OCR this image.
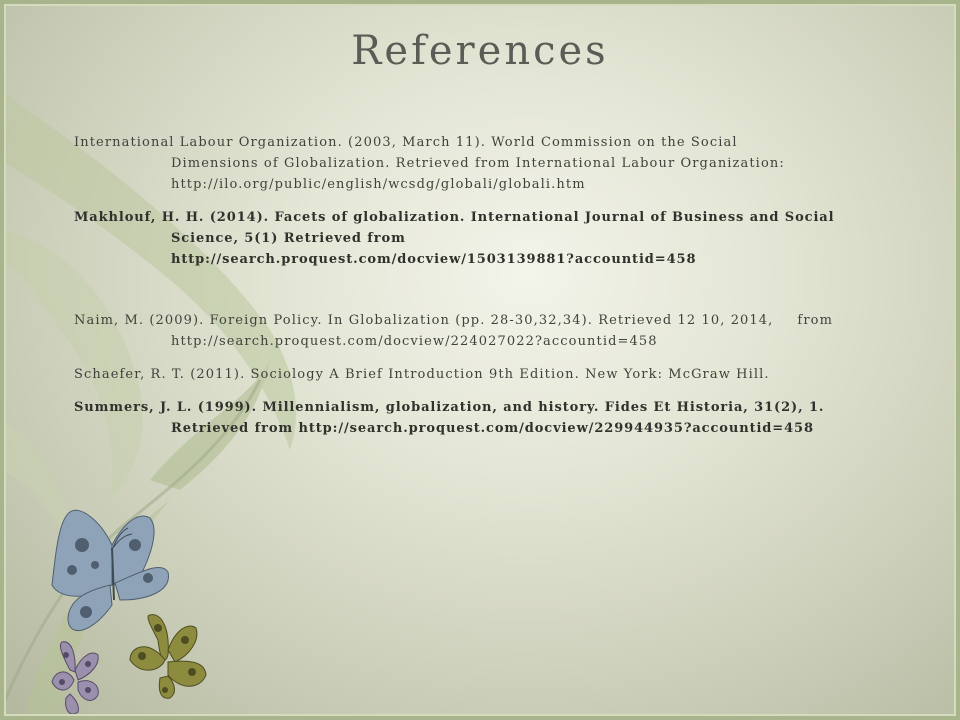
References

International Labour Organization. (2003, March 11). World Commission on the Social
Dimensions of Globalization. Retrieved from International Labour Organization:
http://ilo.org/public/english/wcsdg/globali/globali.htm

Makhlouf, H. H. (2014). Facets of globalization. International Journal of Business and Social
Science, 5(1) Retrieved from
http://search.proquest.com/docview/1503139881?accountid=458

Naim, M. (2009). Foreign Policy. In Globalization (pp. 28-30,32,34). Retrieved 12 10, 2014, from
http://search.proquest.com/docview/224027022?accountid=458

Schaefer, R. T. (2011). Sociology A Brief Introduction 9th Edition. New York: McGraw Hill.

Summers, J. L. (1999). Millennialism, globalization, and history. Fides Et Historia, 31(2), 1.
Retrieved from http://search.proquest.com/docview/229944935?accountid=458
